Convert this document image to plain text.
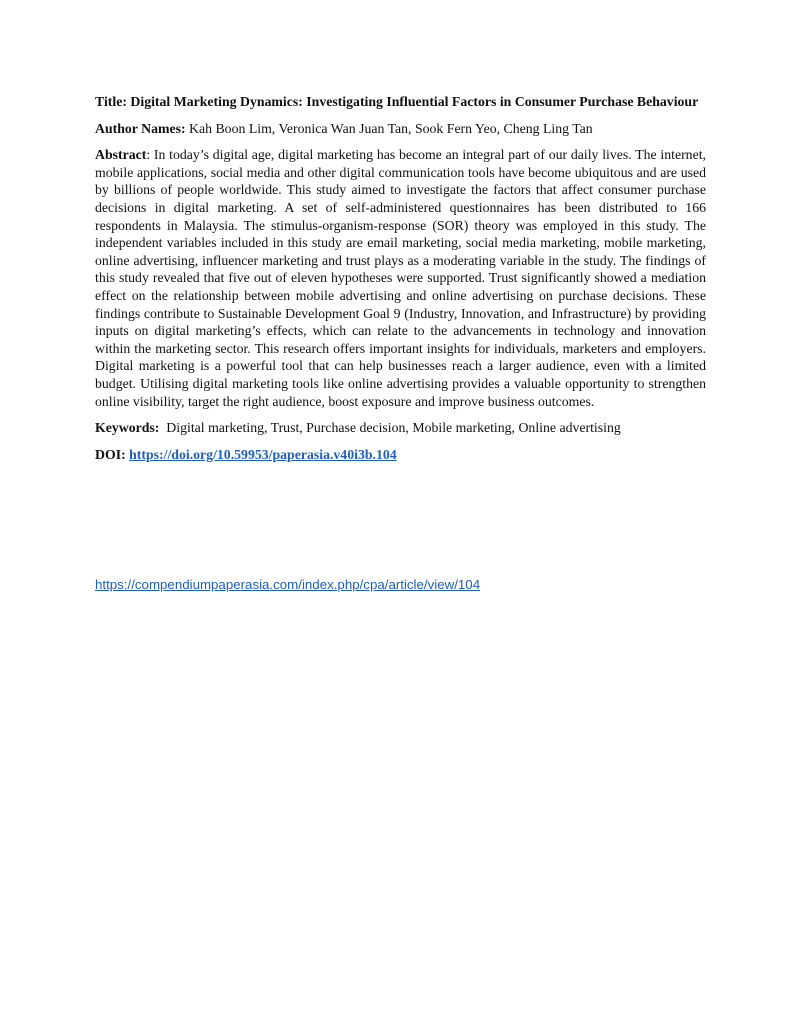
Title: Digital Marketing Dynamics: Investigating Influential Factors in Consumer Purchase Behaviour

Author Names: Kah Boon Lim, Veronica Wan Juan Tan, Sook Fern Yeo, Cheng Ling Tan

Abstract: In today’s digital age, digital marketing has become an integral part of our daily lives. The internet, mobile applications, social media and other digital communication tools have become ubiquitous and are used by billions of people worldwide. This study aimed to investigate the factors that affect consumer purchase decisions in digital marketing. A set of self-administered questionnaires has been distributed to 166 respondents in Malaysia. The stimulus-organism-response (SOR) theory was employed in this study. The independent variables included in this study are email marketing, social media marketing, mobile marketing, online advertising, influencer marketing and trust plays as a moderating variable in the study. The findings of this study revealed that five out of eleven hypotheses were supported. Trust significantly showed a mediation effect on the relationship between mobile advertising and online advertising on purchase decisions. These findings contribute to Sustainable Development Goal 9 (Industry, Innovation, and Infrastructure) by providing inputs on digital marketing’s effects, which can relate to the advancements in technology and innovation within the marketing sector. This research offers important insights for individuals, marketers and employers. Digital marketing is a powerful tool that can help businesses reach a larger audience, even with a limited budget. Utilising digital marketing tools like online advertising provides a valuable opportunity to strengthen online visibility, target the right audience, boost exposure and improve business outcomes.

Keywords: Digital marketing, Trust, Purchase decision, Mobile marketing, Online advertising

DOI: https://doi.org/10.59953/paperasia.v40i3b.104

https://compendiumpaperasia.com/index.php/cpa/article/view/104
